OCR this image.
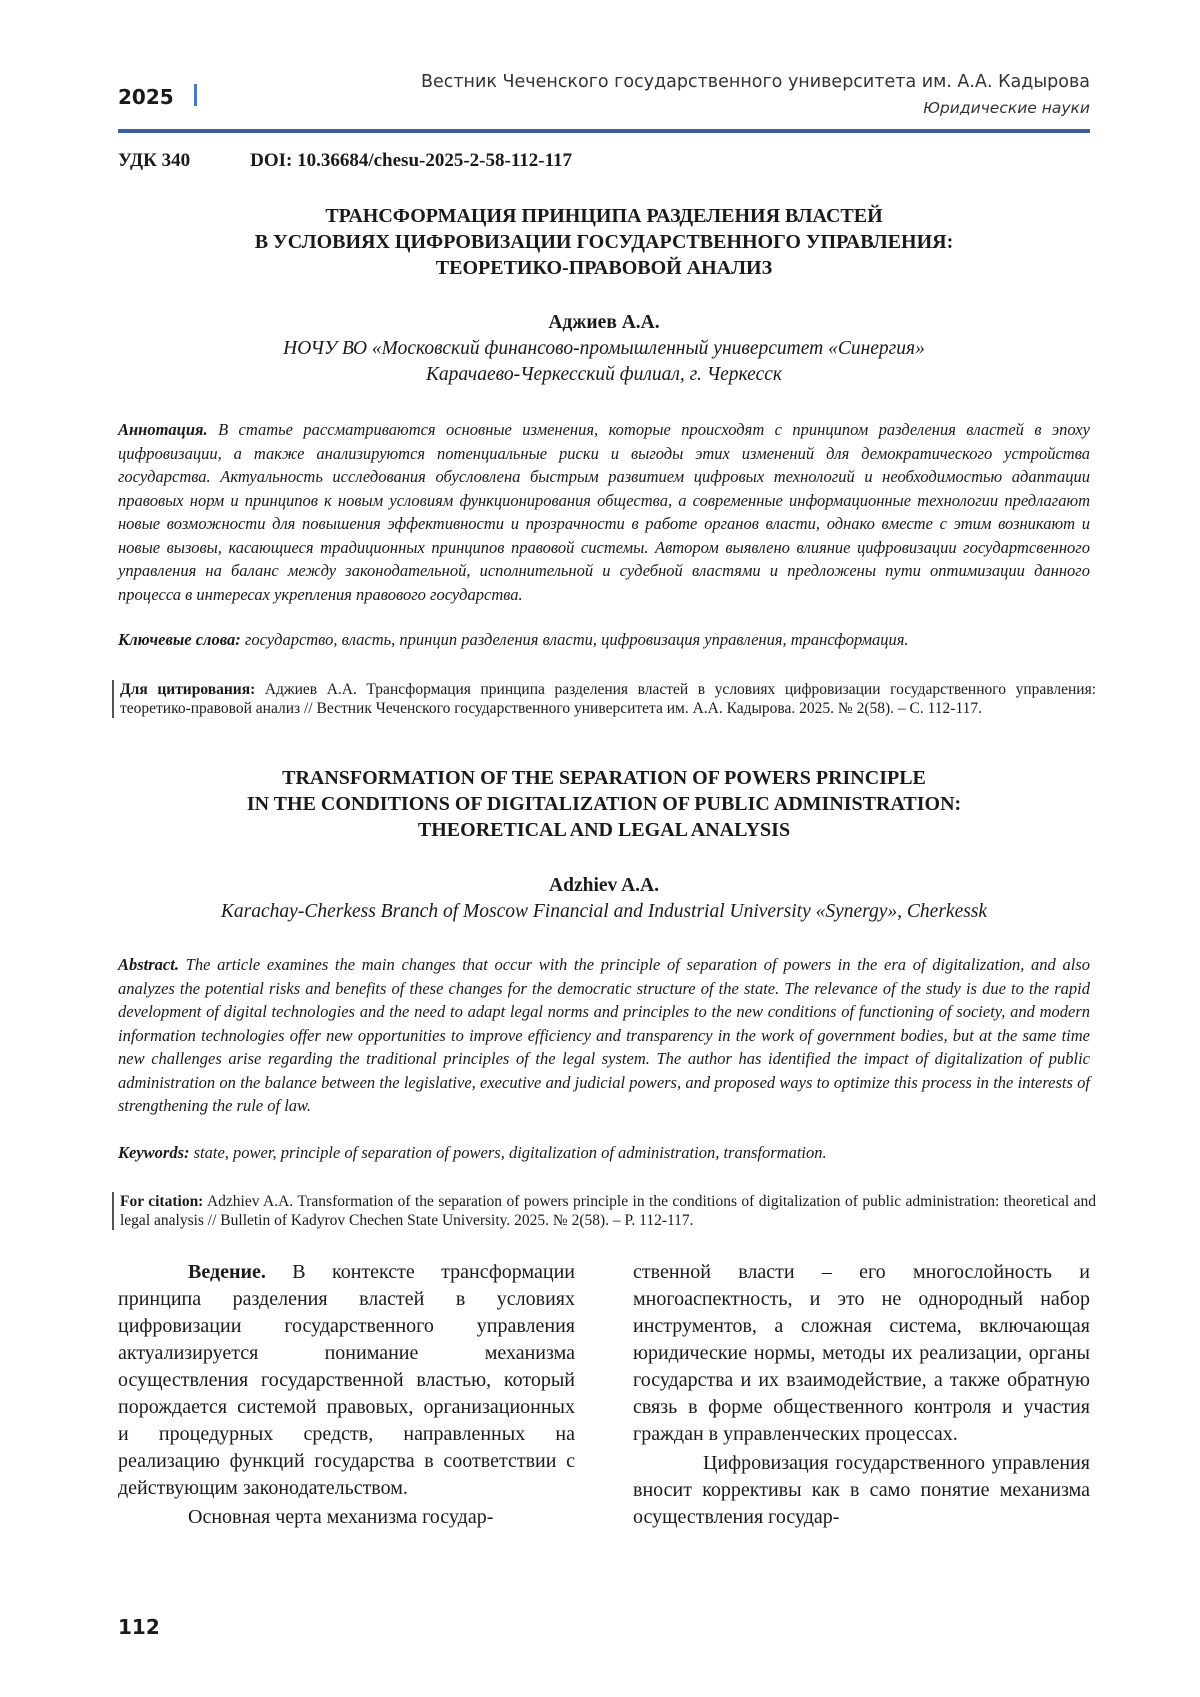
2025
Вестник Чеченского государственного университета им. А.А. Кадырова
Юридические науки
УДК 340	DOI: 10.36684/chesu-2025-2-58-112-117
ТРАНСФОРМАЦИЯ ПРИНЦИПА РАЗДЕЛЕНИЯ ВЛАСТЕЙ
В УСЛОВИЯХ ЦИФРОВИЗАЦИИ ГОСУДАРСТВЕННОГО УПРАВЛЕНИЯ:
ТЕОРЕТИКО-ПРАВОВОЙ АНАЛИЗ
Аджиев А.А.
НОЧУ ВО «Московский финансово-промышленный университет «Синергия»
Карачаево-Черкесский филиал, г. Черкесск
Аннотация. В статье рассматриваются основные изменения, которые происходят с принципом разделения властей в эпоху цифровизации, а также анализируются потенциальные риски и выгоды этих изменений для демократического устройства государства. Актуальность исследования обусловлена быстрым развитием цифровых технологий и необходимостью адаптации правовых норм и принципов к новым условиям функционирования общества, а современные информационные технологии предлагают новые возможности для повышения эффективности и прозрачности в работе органов власти, однако вместе с этим возникают и новые вызовы, касающиеся традиционных принципов правовой системы. Автором выявлено влияние цифровизации государтсвенного управления на баланс между законодательной, исполнительной и судебной властями и предложены пути оптимизации данного процесса в интересах укрепления правового государства.
Ключевые слова: государство, власть, принцип разделения власти, цифровизация управления, трансформация.
Для цитирования: Аджиев А.А. Трансформация принципа разделения властей в условиях цифровизации государственного управления: теоретико-правовой анализ // Вестник Чеченского государственного университета им. А.А. Кадырова. 2025. № 2(58). – С. 112-117.
TRANSFORMATION OF THE SEPARATION OF POWERS PRINCIPLE
IN THE CONDITIONS OF DIGITALIZATION OF PUBLIC ADMINISTRATION:
THEORETICAL AND LEGAL ANALYSIS
Adzhiev A.A.
Karachay-Cherkess Branch of Moscow Financial and Industrial University «Synergy», Cherkessk
Abstract. The article examines the main changes that occur with the principle of separation of powers in the era of digitalization, and also analyzes the potential risks and benefits of these changes for the democratic structure of the state. The relevance of the study is due to the rapid development of digital technologies and the need to adapt legal norms and principles to the new conditions of functioning of society, and modern information technologies offer new opportunities to improve efficiency and transparency in the work of government bodies, but at the same time new challenges arise regarding the traditional principles of the legal system. The author has identified the impact of digitalization of public administration on the balance between the legislative, executive and judicial powers, and proposed ways to optimize this process in the interests of strengthening the rule of law.
Keywords: state, power, principle of separation of powers, digitalization of administration, transformation.
For citation: Adzhiev A.A. Transformation of the separation of powers principle in the conditions of digitalization of public administration: theoretical and legal analysis // Bulletin of Kadyrov Chechen State University. 2025. № 2(58). – P. 112-117.

Ведение. В контексте трансформации принципа разделения властей в условиях цифровизации государственного управления актуализируется понимание механизма осуществления государственной властью, который порождается системой правовых, организационных и процедурных средств, направленных на реализацию функций государства в соответствии с действующим законодательством.

Основная черта механизма государ-

ственной власти – его многослойность и многоаспектность, и это не однородный набор инструментов, а сложная система, включающая юридические нормы, методы их реализации, органы государства и их взаимодействие, а также обратную связь в форме общественного контроля и участия граждан в управленческих процессах.

Цифровизация государственного управления вносит коррективы как в само понятие механизма осуществления государ-

112
